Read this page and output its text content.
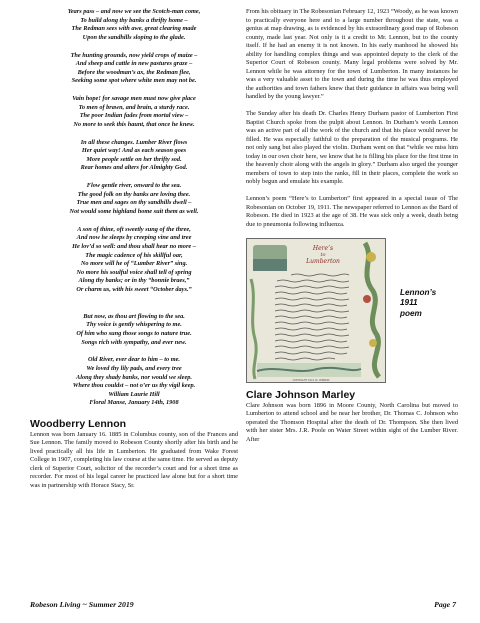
Years pass – and now we see the Scotch-man come,
To build along thy banks a thrifty home –
The Redman sees with awe, great clearing made
Upon the sandhills sloping to the glade.
The hunting grounds, now yield crops of maize –
And sheep and cattle in new pastures graze –
Before the woodman’s ax, the Redman flee,
Seeking some spot where white men may not be.
Vain hope! for savage men must now give place
To men of brawn, and brain, a sturdy race.
The poor Indian fades from mortal view –
No more to seek this haunt, that once he knew.
In all these changes. Lumber River flows
Her quiet way! And as each season goes
More people settle on her thrifty sod.
Rear homes and alters for Almighty God.
Flow gentle river, onward to the sea.
The good folk on thy banks are loving thee.
True men and sages on thy sandhills dwell –
Not would some highland home suit them as well.
A son of thine, oft sweetly sung of the three,
And now he sleeps by creeping vine and tree
He lov’d so well: and thou shall hear no more –
The magic cadence of his skillful oar,
No more will he of “Lumber River” sing.
No more his soulful voice shall tell of spring
Along thy banks; or in thy “bonnie braes,”
Or charm us, with his sweet “October days.”
But now, as thou art flowing to the sea.
Thy voice is gently whispering to me.
Of him who sung those songs to nature true.
Songs rich with sympathy, and ever new.
Old River, ever dear to him – to me.
We loved thy lily pads, and every tree
Along they shady banks, nor would we sleep.
Where thou couldst – not o’er us thy vigil keep.
William Laurie Hill
Floral Manse, January 14th, 1908
Woodberry Lennon

Lennon was born January 16. 1885 in Columbus county, son of the Frances and Sue Lennon. The family moved to Robeson County shortly after his birth and he lived practically all his life in Lumberton. He graduated from Wake Forest College in 1907, completing his law course at the same time. He served as deputy clerk of Superior Court, solicitor of the recorder’s court and for a short time as recorder. For most of his legal career he practiced law alone but for a short time was in partnership with Horace Stacy, Sr.

From his obituary in The Robesonian February 12, 1923 “Woody, as he was known to practically everyone here and to a large number throughout the state, was a genius at map drawing, as is evidenced by his extraordinary good map of Robeson county, made last year. Not only is it a credit to Mr. Lennon, but to the county itself. If he had an enemy it is not known. In his early manhood he showed his ability for handling complex things and was appointed deputy to the clerk of the Superior Court of Robeson county. Many legal problems were solved by Mr. Lennon while he was attorney for the town of Lumberton. In many instances he was a very valuable asset to the town and during the time he was thus employed the authorities and town fathers knew that their guidance in affairs was being well handled by the young lawyer.”

The Sunday after his death Dr. Charles Henry Durham pastor of Lumberton First Baptist Church spoke from the pulpit about Lennon. In Durham’s words Lennon was an active part of all the work of the church and that his place would never be filled. He was especially faithful to the preparation of the musical programs. He not only sang but also played the violin. Durham went on that “while we miss him today in our own choir here, we know that he is filling his place for the first time in the heavenly choir along with the angels in glory.” Durham also urged the younger members of town to step into the ranks, fill in their places, complete the work so nobly begun and emulate his example.

Lennon’s poem “Here’s to Lumberton” first appeared in a special issue of The Robesonian on October 19, 1911. The newspaper referred to Lennon as the Bard of Robeson. He died in 1923 at the age of 38. He was sick only a week, death being due to pneumonia following influenza.

COPYRIGHT 1911 W. LENNON
Here’s
to
Lumberton
Lennon’s
1911
poem
Clare Johnson Marley

Clare Johnson was born 1896 in Moore County, North Carolina but moved to Lumberton to attend school and be near her brother, Dr. Thomas C. Johnson who operated the Thomson Hospital after the death of Dr. Thompson. She then lived with her sister Mrs. J.R. Poole on Water Street within sight of the Lumber River. After

Robeson Living ~ Summer 2019	Page 7
